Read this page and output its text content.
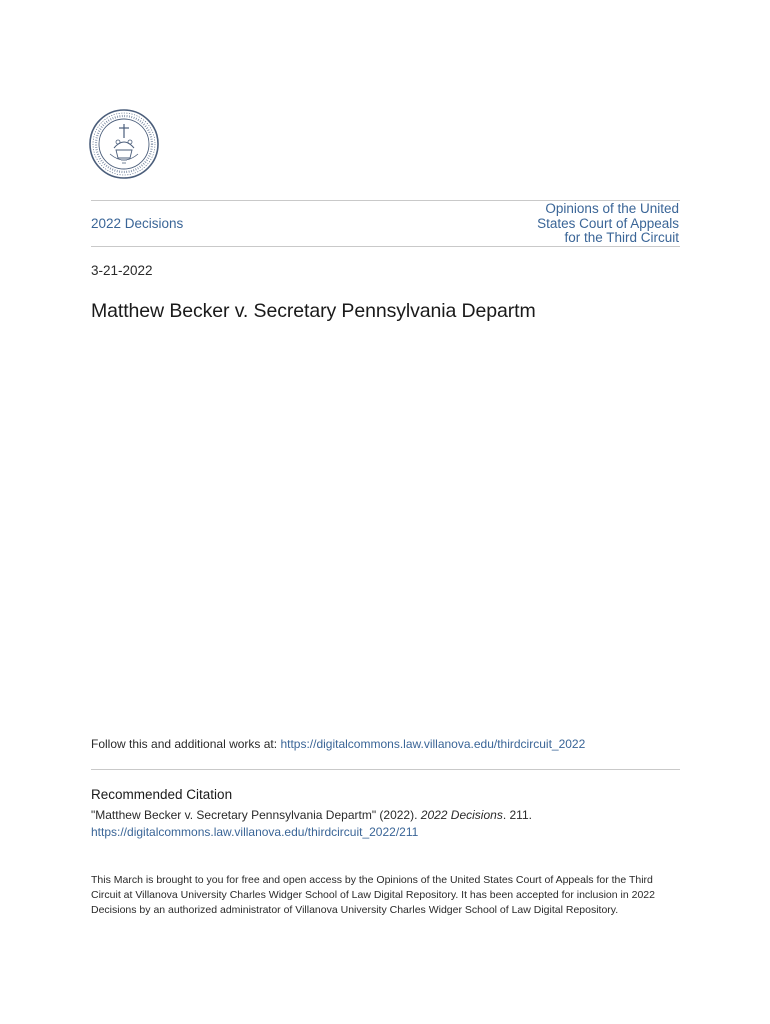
2022 Decisions
Opinions of the United
States Court of Appeals
for the Third Circuit
3-21-2022
Matthew Becker v. Secretary Pennsylvania Departm
Follow this and additional works at: https://digitalcommons.law.villanova.edu/thirdcircuit_2022
Recommended Citation
"Matthew Becker v. Secretary Pennsylvania Departm" (2022). 2022 Decisions. 211.
https://digitalcommons.law.villanova.edu/thirdcircuit_2022/211
This March is brought to you for free and open access by the Opinions of the United States Court of Appeals for the Third Circuit at Villanova University Charles Widger School of Law Digital Repository. It has been accepted for inclusion in 2022 Decisions by an authorized administrator of Villanova University Charles Widger School of Law Digital Repository.
